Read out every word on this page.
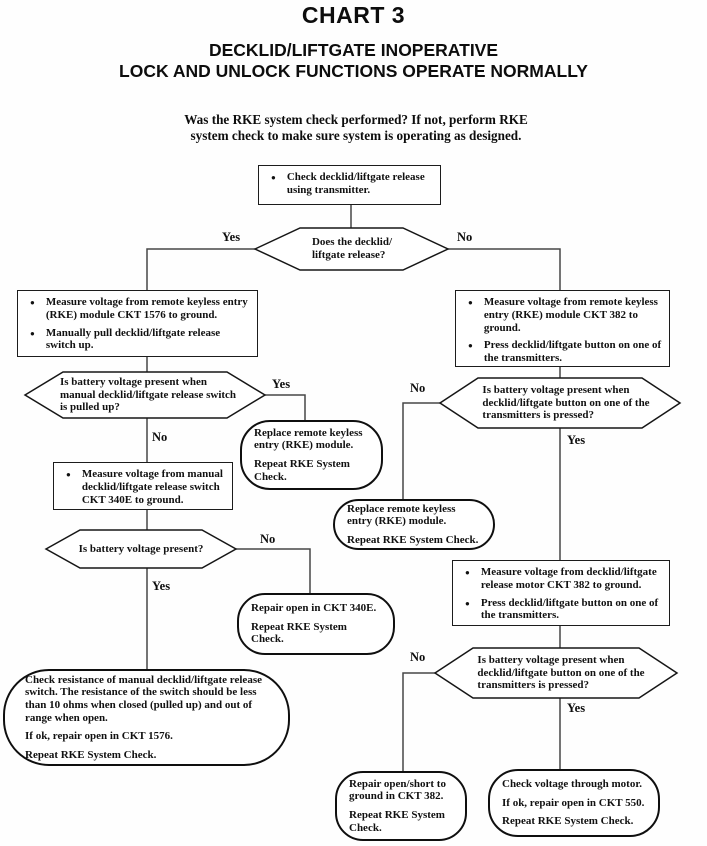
CHART 3
DECKLID/LIFTGATE INOPERATIVE
LOCK AND UNLOCK FUNCTIONS OPERATE NORMALLY
Was the RKE system check performed? If not, perform RKE
system check to make sure system is operating as designed.
● Check decklid/liftgate release using transmitter.
Does the decklid/
liftgate release?
● Measure voltage from remote keyless entry (RKE) module CKT 1576 to ground.
● Manually pull decklid/liftgate release switch up.
● Measure voltage from remote keyless entry (RKE) module CKT 382 to ground.
● Press decklid/liftgate button on one of the transmitters.
Is battery voltage present when
manual decklid/liftgate release switch
is pulled up?

Replace remote keyless entry (RKE) module.

Repeat RKE System Check.

● Measure voltage from manual decklid/liftgate release switch CKT 340E to ground.
Is battery voltage present?

Repair open in CKT 340E.

Repeat RKE System Check.

Check resistance of manual decklid/liftgate release switch. The resistance of the switch should be less than 10 ohms when closed (pulled up) and out of range when open.

If ok, repair open in CKT 1576.

Repeat RKE System Check.

Is battery voltage present when
decklid/liftgate button on one of the
transmitters is pressed?

Replace remote keyless entry (RKE) module.

Repeat RKE System Check.

● Measure voltage from decklid/liftgate release motor CKT 382 to ground.
● Press decklid/liftgate button on one of the transmitters.
Is battery voltage present when
decklid/liftgate button on one of the
transmitters is pressed?

Repair open/short to ground in CKT 382.

Repeat RKE System Check.

Check voltage through motor.

If ok, repair open in CKT 550.

Repeat RKE System Check.

Yes	No
Yes
No
No
Yes
No
Yes
No
Yes
